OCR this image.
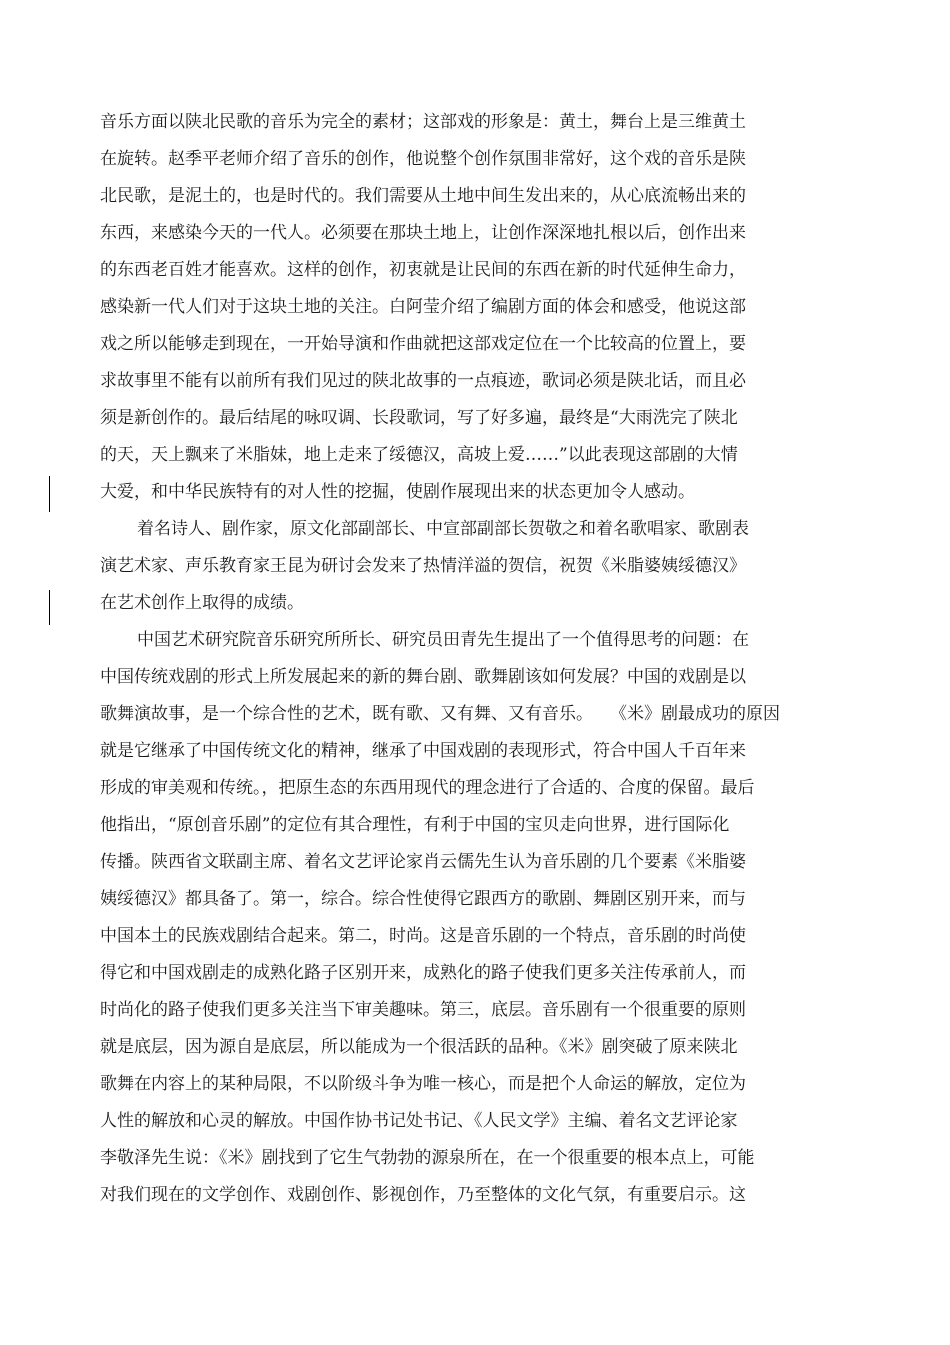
音乐方面以陕北民歌的音乐为完全的素材；这部戏的形象是：黄土，舞台上是三维黄土
在旋转。赵季平老师介绍了音乐的创作，他说整个创作氛围非常好，这个戏的音乐是陕
北民歌，是泥土的，也是时代的。我们需要从土地中间生发出来的，从心底流畅出来的
东西，来感染今天的一代人。必须要在那块土地上，让创作深深地扎根以后，创作出来
的东西老百姓才能喜欢。这样的创作，初衷就是让民间的东西在新的时代延伸生命力，
感染新一代人们对于这块土地的关注。白阿莹介绍了编剧方面的体会和感受，他说这部
戏之所以能够走到现在，一开始导演和作曲就把这部戏定位在一个比较高的位置上，要
求故事里不能有以前所有我们见过的陕北故事的一点痕迹，歌词必须是陕北话，而且必
须是新创作的。最后结尾的咏叹调、长段歌词，写了好多遍，最终是“大雨洗完了陕北
的天，天上飘来了米脂妹，地上走来了绥德汉，高坡上爱……”以此表现这部剧的大情
大爱，和中华民族特有的对人性的挖掘，使剧作展现出来的状态更加令人感动。
着名诗人、剧作家，原文化部副部长、中宣部副部长贺敬之和着名歌唱家、歌剧表
演艺术家、声乐教育家王昆为研讨会发来了热情洋溢的贺信，祝贺《米脂婆姨绥德汉》
在艺术创作上取得的成绩。
中国艺术研究院音乐研究所所长、研究员田青先生提出了一个值得思考的问题：在
中国传统戏剧的形式上所发展起来的新的舞台剧、歌舞剧该如何发展？中国的戏剧是以
歌舞演故事，是一个综合性的艺术，既有歌、又有舞、又有音乐。　　《米》剧最成功的原因
就是它继承了中国传统文化的精神，继承了中国戏剧的表现形式，符合中国人千百年来
形成的审美观和传统。，把原生态的东西用现代的理念进行了合适的、合度的保留。最后
他指出，“原创音乐剧”的定位有其合理性，有利于中国的宝贝走向世界，进行国际化
传播。陕西省文联副主席、着名文艺评论家肖云儒先生认为音乐剧的几个要素《米脂婆
姨绥德汉》都具备了。第一，综合。综合性使得它跟西方的歌剧、舞剧区别开来，而与
中国本土的民族戏剧结合起来。第二，时尚。这是音乐剧的一个特点，音乐剧的时尚使
得它和中国戏剧走的成熟化路子区别开来，成熟化的路子使我们更多关注传承前人，而
时尚化的路子使我们更多关注当下审美趣味。第三，底层。音乐剧有一个很重要的原则
就是底层，因为源自是底层，所以能成为一个很活跃的品种。《米》剧突破了原来陕北
歌舞在内容上的某种局限，不以阶级斗争为唯一核心，而是把个人命运的解放，定位为
人性的解放和心灵的解放。中国作协书记处书记、《人民文学》主编、着名文艺评论家
李敬泽先生说：《米》剧找到了它生气勃勃的源泉所在，在一个很重要的根本点上，可能
对我们现在的文学创作、戏剧创作、影视创作，乃至整体的文化气氛，有重要启示。这
